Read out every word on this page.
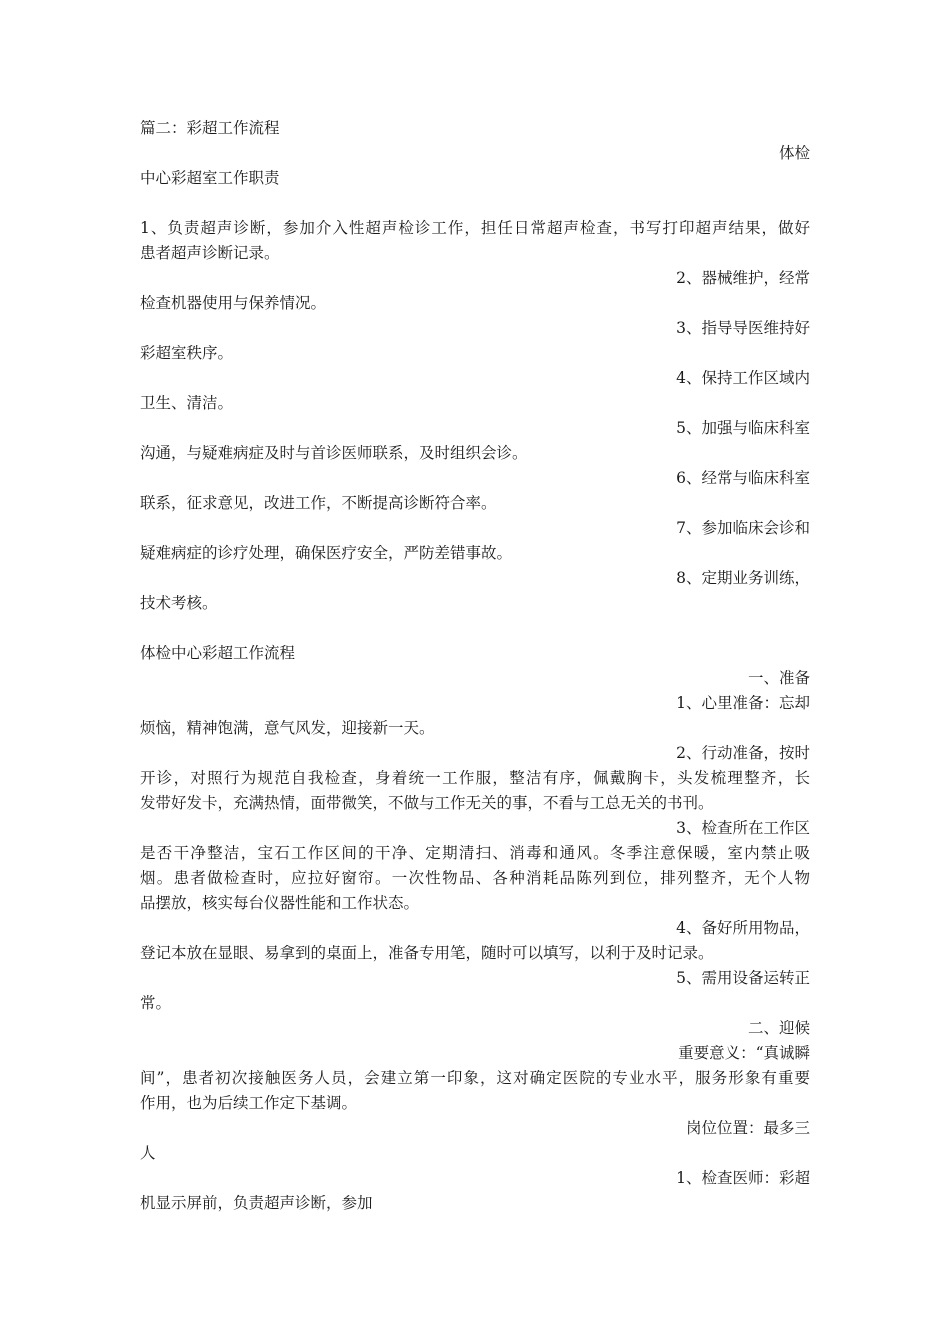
篇二：彩超工作流程
体检
中心彩超室工作职责
1、负责超声诊断，参加介入性超声检诊工作，担任日常超声检查，书写打印超声结果，做好
患者超声诊断记录。
2、器械维护，经常
检查机器使用与保养情况。
3、指导导医维持好
彩超室秩序。
4、保持工作区域内
卫生、清洁。
5、加强与临床科室
沟通，与疑难病症及时与首诊医师联系，及时组织会诊。
6、经常与临床科室
联系，征求意见，改进工作，不断提高诊断符合率。
7、参加临床会诊和
疑难病症的诊疗处理，确保医疗安全，严防差错事故。
8、定期业务训练，
技术考核。
体检中心彩超工作流程
一、准备
1、心里准备：忘却
烦恼，精神饱满，意气风发，迎接新一天。
2、行动准备，按时
开诊，对照行为规范自我检查，身着统一工作服，整洁有序，佩戴胸卡，头发梳理整齐，长
发带好发卡，充满热情，面带微笑，不做与工作无关的事，不看与工总无关的书刊。
3、检查所在工作区
是否干净整洁，宝石工作区间的干净、定期清扫、消毒和通风。冬季注意保暖，室内禁止吸
烟。患者做检查时，应拉好窗帘。一次性物品、各种消耗品陈列到位，排列整齐，无个人物
品摆放，核实每台仪器性能和工作状态。
4、备好所用物品，
登记本放在显眼、易拿到的桌面上，准备专用笔，随时可以填写，以利于及时记录。
5、需用设备运转正
常。
二、迎候
重要意义：“真诚瞬
间”，患者初次接触医务人员，会建立第一印象，这对确定医院的专业水平，服务形象有重要
作用，也为后续工作定下基调。
岗位位置：最多三
人
1、检查医师：彩超
机显示屏前，负责超声诊断，参加
